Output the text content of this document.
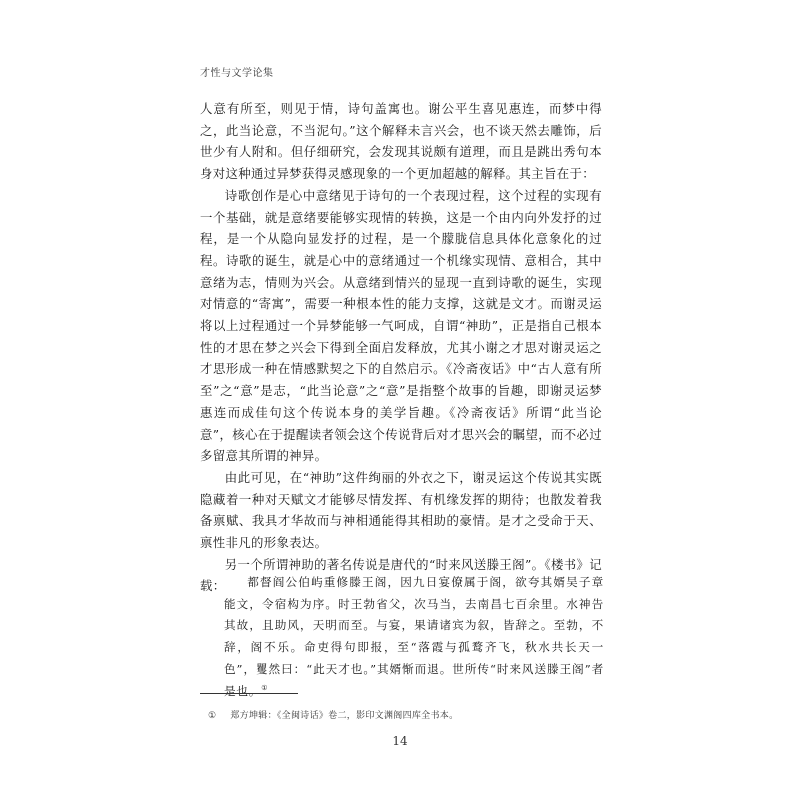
才性与文学论集

人意有所至，则见于情，诗句盖寓也。谢公平生喜见惠连，而梦中得之，此当论意，不当泥句。”这个解释未言兴会，也不谈天然去雕饰，后世少有人附和。但仔细研究，会发现其说颇有道理，而且是跳出秀句本身对这种通过异梦获得灵感现象的一个更加超越的解释。其主旨在于：

诗歌创作是心中意绪见于诗句的一个表现过程，这个过程的实现有一个基础，就是意绪要能够实现情的转换，这是一个由内向外发抒的过程，是一个从隐向显发抒的过程，是一个朦胧信息具体化意象化的过程。诗歌的诞生，就是心中的意绪通过一个机缘实现情、意相合，其中意绪为志，情则为兴会。从意绪到情兴的显现一直到诗歌的诞生，实现对情意的“寄寓”，需要一种根本性的能力支撑，这就是文才。而谢灵运将以上过程通过一个异梦能够一气呵成，自谓“神助”，正是指自己根本性的才思在梦之兴会下得到全面启发释放，尤其小谢之才思对谢灵运之才思形成一种在情感默契之下的自然启示。《冷斋夜话》中“古人意有所至”之“意”是志，“此当论意”之“意”是指整个故事的旨趣，即谢灵运梦惠连而成佳句这个传说本身的美学旨趣。《冷斋夜话》所谓“此当论意”，核心在于提醒读者领会这个传说背后对才思兴会的瞩望，而不必过多留意其所谓的神异。

由此可见，在“神助”这件绚丽的外衣之下，谢灵运这个传说其实既隐藏着一种对天赋文才能够尽情发挥、有机缘发挥的期待；也散发着我备禀赋、我具才华故而与神相通能得其相助的豪情。是才之受命于天、禀性非凡的形象表达。

另一个所谓神助的著名传说是唐代的“时来风送滕王阁”。《楼书》记载：	都督阎公伯屿重修滕王阁，因九日宴僚属于阁，欲夸其婿吴子章能文，令宿构为序。时王勃省父，次马当，去南昌七百余里。水神告其故，且助风，天明而至。与宴，果请诸宾为叙，皆辞之。至勃，不辞，阁不乐。命吏得句即报，至“落霞与孤鹜齐飞，秋水共长天一色”，矍然曰：“此天才也。”其婿惭而退。世所传“时来风送滕王阁”者是也。①
① 郑方坤辑：《全闽诗话》卷二，影印文渊阁四库全书本。
14
